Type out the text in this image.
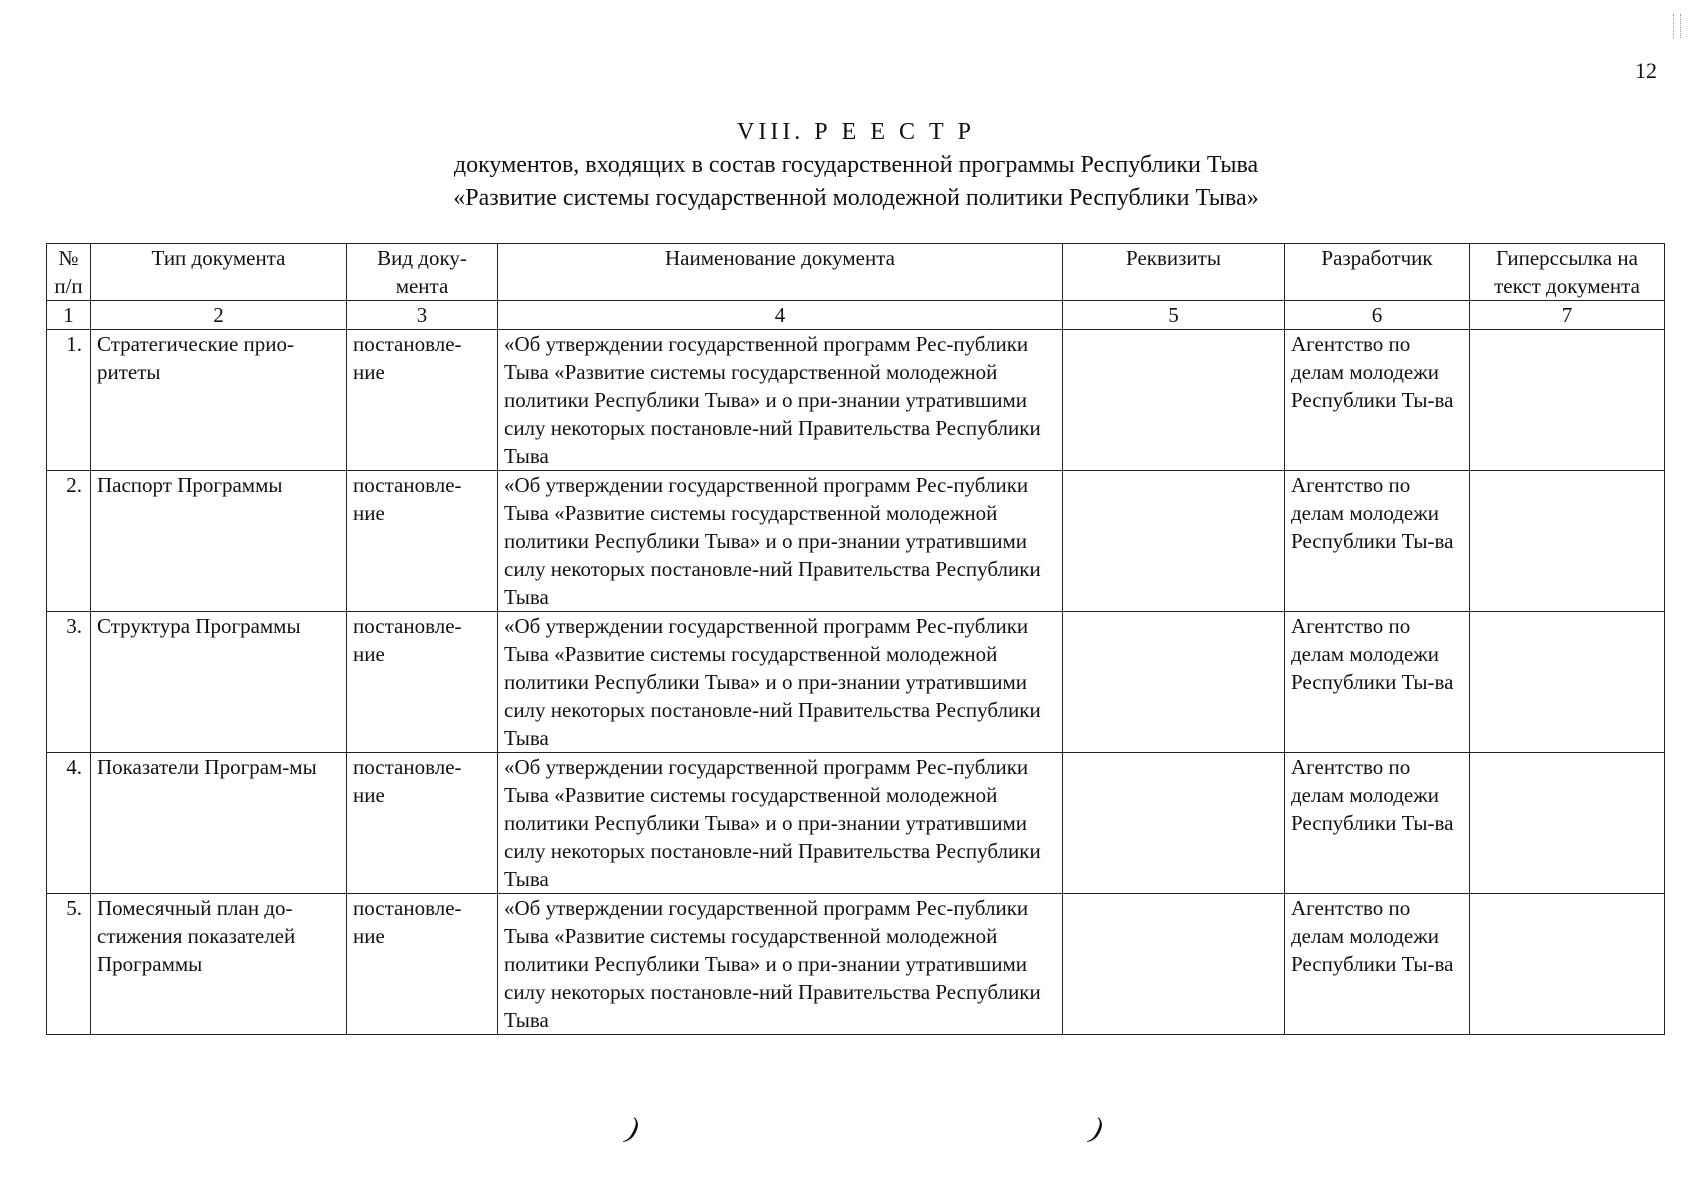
12
VIII. Р Е Е С Т Р
документов, входящих в состав государственной программы Республики Тыва
«Развитие системы государственной молодежной политики Республики Тыва»
№ п/п	Тип документа	Вид доку-мента	Наименование документа	Реквизиты	Разработчик	Гиперссылка на текст документа
1	2	3	4	5	6	7
1.	Стратегические прио-ритеты	постановле-ние	«Об утверждении государственной программ Рес-публики Тыва «Развитие системы государственной молодежной политики Республики Тыва» и о при-знании утратившими силу некоторых постановле-ний Правительства Республики Тыва		Агентство по делам молодежи Республики Ты-ва	
2.	Паспорт Программы	постановле-ние	«Об утверждении государственной программ Рес-публики Тыва «Развитие системы государственной молодежной политики Республики Тыва» и о при-знании утратившими силу некоторых постановле-ний Правительства Республики Тыва		Агентство по делам молодежи Республики Ты-ва	
3.	Структура Программы	постановле-ние	«Об утверждении государственной программ Рес-публики Тыва «Развитие системы государственной молодежной политики Республики Тыва» и о при-знании утратившими силу некоторых постановле-ний Правительства Республики Тыва		Агентство по делам молодежи Республики Ты-ва	
4.	Показатели Програм-мы	постановле-ние	«Об утверждении государственной программ Рес-публики Тыва «Развитие системы государственной молодежной политики Республики Тыва» и о при-знании утратившими силу некоторых постановле-ний Правительства Республики Тыва		Агентство по делам молодежи Республики Ты-ва	
5.	Помесячный план до-стижения показателей Программы	постановле-ние	«Об утверждении государственной программ Рес-публики Тыва «Развитие системы государственной молодежной политики Республики Тыва» и о при-знании утратившими силу некоторых постановле-ний Правительства Республики Тыва		Агентство по делам молодежи Республики Ты-ва	
)	)
